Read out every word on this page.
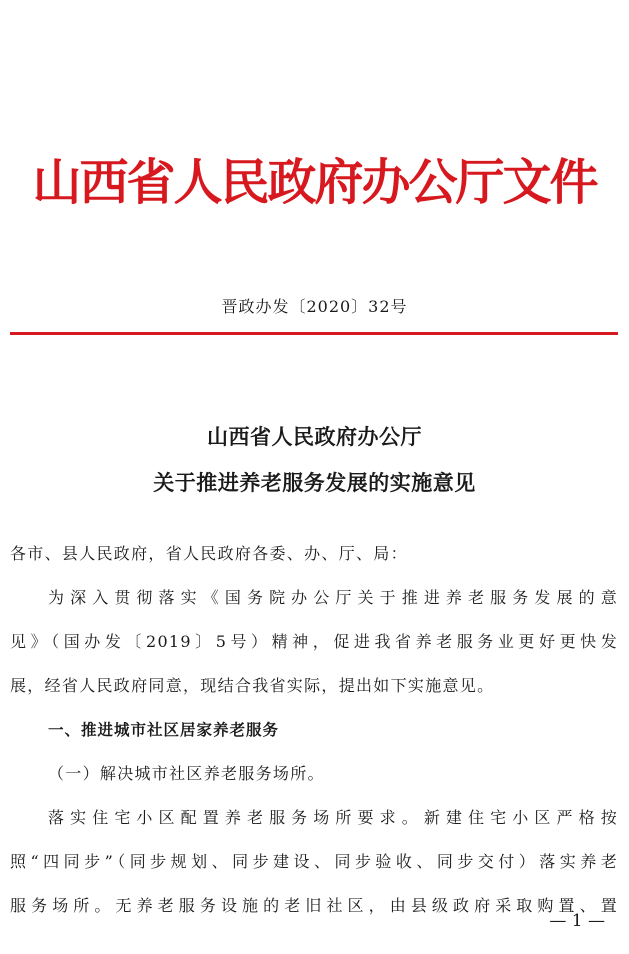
山西省人民政府办公厅文件
晋政办发〔2020〕32号
山西省人民政府办公厅
关于推进养老服务发展的实施意见
各市、县人民政府，省人民政府各委、办、厅、局：
为深入贯彻落实《国务院办公厅关于推进养老服务发展的意
见》（国办发〔2019〕5号）精神，促进我省养老服务业更好更快发
展，经省人民政府同意，现结合我省实际，提出如下实施意见。
一、推进城市社区居家养老服务
（一）解决城市社区养老服务场所。
落实住宅小区配置养老服务场所要求。新建住宅小区严格按
照“四同步”（同步规划、同步建设、同步验收、同步交付）落实养老
服务场所。无养老服务设施的老旧社区，由县级政府采取购置、置
— 1 —
